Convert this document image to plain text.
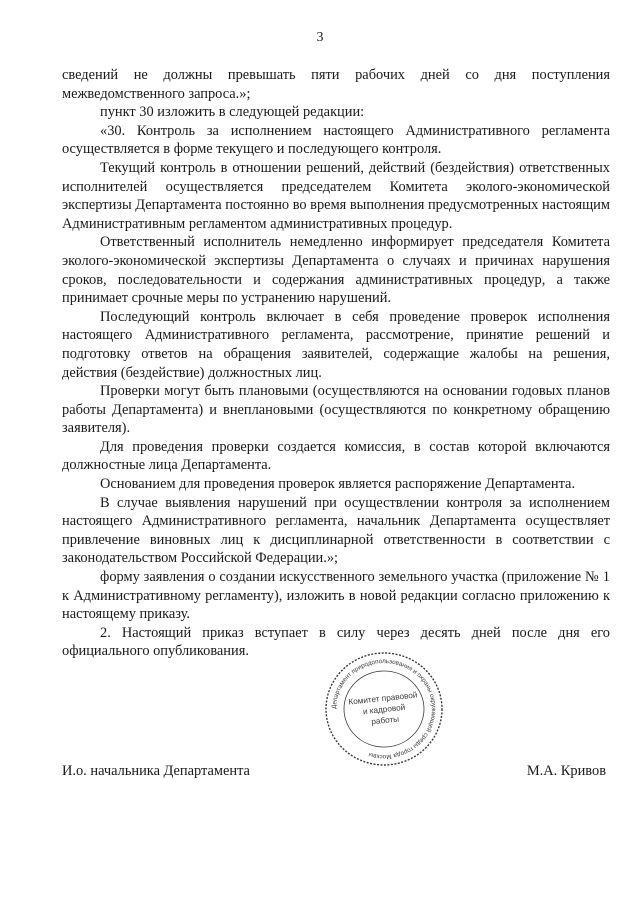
3

сведений не должны превышать пяти рабочих дней со дня поступления межведомственного запроса.»;

пункт 30 изложить в следующей редакции:

«30. Контроль за исполнением настоящего Административного регламента осуществляется в форме текущего и последующего контроля.

Текущий контроль в отношении решений, действий (бездействия) ответственных исполнителей осуществляется председателем Комитета эколого-экономической экспертизы Департамента постоянно во время выполнения предусмотренных настоящим Административным регламентом административных процедур.

Ответственный исполнитель немедленно информирует председателя Комитета эколого-экономической экспертизы Департамента о случаях и причинах нарушения сроков, последовательности и содержания административных процедур, а также принимает срочные меры по устранению нарушений.

Последующий контроль включает в себя проведение проверок исполнения настоящего Административного регламента, рассмотрение, принятие решений и подготовку ответов на обращения заявителей, содержащие жалобы на решения, действия (бездействие) должностных лиц.

Проверки могут быть плановыми (осуществляются на основании годовых планов работы Департамента) и внеплановыми (осуществляются по конкретному обращению заявителя).

Для проведения проверки создается комиссия, в состав которой включаются должностные лица Департамента.

Основанием для проведения проверок является распоряжение Департамента.

В случае выявления нарушений при осуществлении контроля за исполнением настоящего Административного регламента, начальник Департамента осуществляет привлечение виновных лиц к дисциплинарной ответственности в соответствии с законодательством Российской Федерации.»;

форму заявления о создании искусственного земельного участка (приложение № 1 к Административному регламенту), изложить в новой редакции согласно приложению к настоящему приказу.

2. Настоящий приказ вступает в силу через десять дней после дня его официального опубликования.

Департамент природопользования и охраны окружающей среды города Москвы
Комитет правовой
и кадровой
работы
И.о. начальника Департамента	М.А. Кривов
